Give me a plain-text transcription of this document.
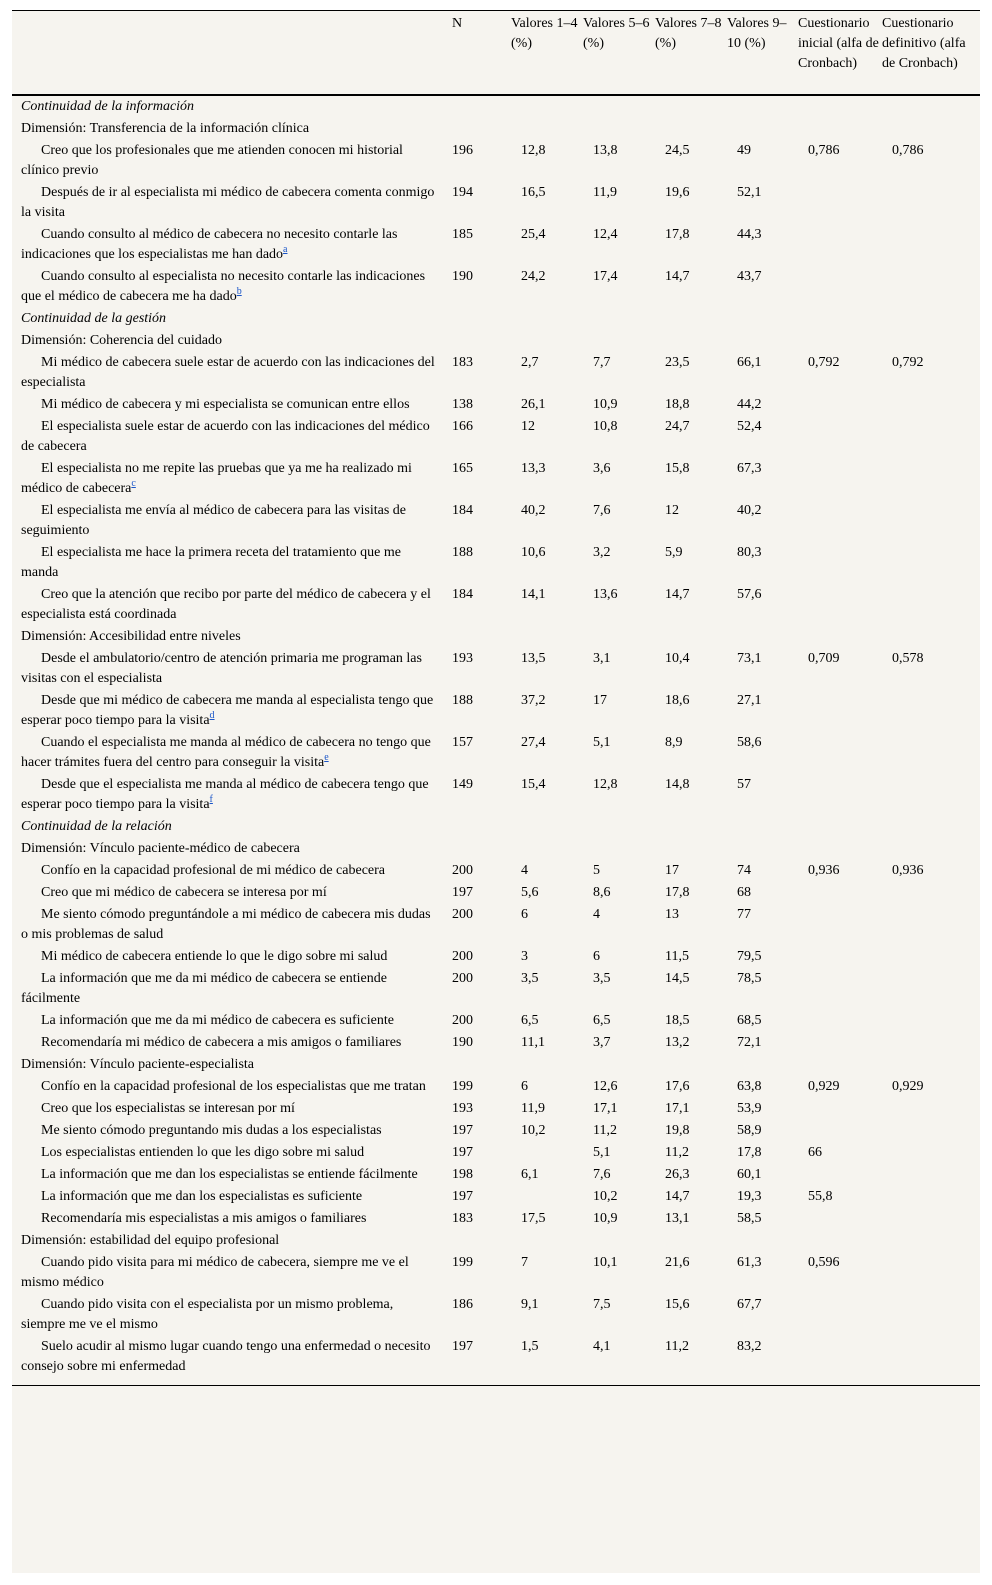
	N	Valores 1–4 (%)	Valores 5–6 (%)	Valores 7–8 (%)	Valores 9–10 (%)	Cuestionario inicial (alfa de Cronbach)	Cuestionario definitivo (alfa de Cronbach)
Continuidad de la información							
Dimensión: Transferencia de la información clínica							

Creo que los profesionales que me atienden conocen mi historial clínico previo	196	12,8	13,8	24,5	49	0,786	0,786

Después de ir al especialista mi médico de cabecera comenta conmigo la visita	194	16,5	11,9	19,6	52,1		

Cuando consulto al médico de cabecera no necesito contarle las indicaciones que los especialistas me han dado$^a$	185	25,4	12,4	17,8	44,3		

Cuando consulto al especialista no necesito contarle las indicaciones que el médico de cabecera me ha dado$^b$	190	24,2	17,4	14,7	43,7		
Continuidad de la gestión							
Dimensión: Coherencia del cuidado							

Mi médico de cabecera suele estar de acuerdo con las indicaciones del especialista	183	2,7	7,7	23,5	66,1	0,792	0,792

Mi médico de cabecera y mi especialista se comunican entre ellos	138	26,1	10,9	18,8	44,2		

El especialista suele estar de acuerdo con las indicaciones del médico de cabecera	166	12	10,8	24,7	52,4		

El especialista no me repite las pruebas que ya me ha realizado mi médico de cabecera$^c$	165	13,3	3,6	15,8	67,3		

El especialista me envía al médico de cabecera para las visitas de seguimiento	184	40,2	7,6	12	40,2		

El especialista me hace la primera receta del tratamiento que me manda	188	10,6	3,2	5,9	80,3		

Creo que la atención que recibo por parte del médico de cabecera y el especialista está coordinada	184	14,1	13,6	14,7	57,6		
Dimensión: Accesibilidad entre niveles							

Desde el ambulatorio/centro de atención primaria me programan las visitas con el especialista	193	13,5	3,1	10,4	73,1	0,709	0,578

Desde que mi médico de cabecera me manda al especialista tengo que esperar poco tiempo para la visita$^d$	188	37,2	17	18,6	27,1		

Cuando el especialista me manda al médico de cabecera no tengo que hacer trámites fuera del centro para conseguir la visita$^e$	157	27,4	5,1	8,9	58,6		

Desde que el especialista me manda al médico de cabecera tengo que esperar poco tiempo para la visita$^f$	149	15,4	12,8	14,8	57		
Continuidad de la relación							
Dimensión: Vínculo paciente-médico de cabecera							

Confío en la capacidad profesional de mi médico de cabecera	200	4	5	17	74	0,936	0,936

Creo que mi médico de cabecera se interesa por mí	197	5,6	8,6	17,8	68		

Me siento cómodo preguntándole a mi médico de cabecera mis dudas o mis problemas de salud	200	6	4	13	77		

Mi médico de cabecera entiende lo que le digo sobre mi salud	200	3	6	11,5	79,5		

La información que me da mi médico de cabecera se entiende fácilmente	200	3,5	3,5	14,5	78,5		

La información que me da mi médico de cabecera es suficiente	200	6,5	6,5	18,5	68,5		

Recomendaría mi médico de cabecera a mis amigos o familiares	190	11,1	3,7	13,2	72,1		
Dimensión: Vínculo paciente-especialista							

Confío en la capacidad profesional de los especialistas que me tratan	199	6	12,6	17,6	63,8	0,929	0,929

Creo que los especialistas se interesan por mí	193	11,9	17,1	17,1	53,9		

Me siento cómodo preguntando mis dudas a los especialistas	197	10,2	11,2	19,8	58,9		

Los especialistas entienden lo que les digo sobre mi salud	197		5,1	11,2	17,8	66	

La información que me dan los especialistas se entiende fácilmente	198	6,1	7,6	26,3	60,1		

La información que me dan los especialistas es suficiente	197		10,2	14,7	19,3	55,8	

Recomendaría mis especialistas a mis amigos o familiares	183	17,5	10,9	13,1	58,5		
Dimensión: estabilidad del equipo profesional							

Cuando pido visita para mi médico de cabecera, siempre me ve el mismo médico	199	7	10,1	21,6	61,3	0,596	

Cuando pido visita con el especialista por un mismo problema, siempre me ve el mismo	186	9,1	7,5	15,6	67,7		

Suelo acudir al mismo lugar cuando tengo una enfermedad o necesito consejo sobre mi enfermedad	197	1,5	4,1	11,2	83,2		
